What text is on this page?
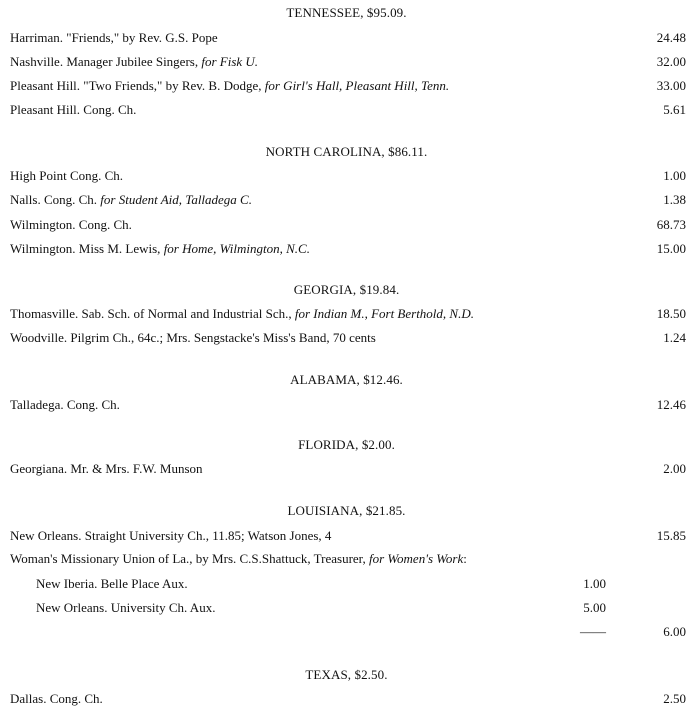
TENNESSEE, $95.09.
Harriman. "Friends," by Rev. G.S. Pope	24.48
Nashville. Manager Jubilee Singers, for Fisk U.	32.00
Pleasant Hill. "Two Friends," by Rev. B. Dodge, for Girl's Hall, Pleasant Hill, Tenn.	33.00
Pleasant Hill. Cong. Ch.	5.61
NORTH CAROLINA, $86.11.
High Point Cong. Ch.	1.00
Nalls. Cong. Ch. for Student Aid, Talladega C.	1.38
Wilmington. Cong. Ch.	68.73
Wilmington. Miss M. Lewis, for Home, Wilmington, N.C.	15.00
GEORGIA, $19.84.
Thomasville. Sab. Sch. of Normal and Industrial Sch., for Indian M., Fort Berthold, N.D.	18.50
Woodville. Pilgrim Ch., 64c.; Mrs. Sengstacke's Miss's Band, 70 cents	1.24
ALABAMA, $12.46.
Talladega. Cong. Ch.	12.46
FLORIDA, $2.00.
Georgiana. Mr. & Mrs. F.W. Munson	2.00
LOUISIANA, $21.85.
New Orleans. Straight University Ch., 11.85; Watson Jones, 4	15.85
Woman's Missionary Union of La., by Mrs. C.S.Shattuck, Treasurer, for Women's Work:
New Iberia. Belle Place Aux.	1.00
New Orleans. University Ch. Aux.	5.00
——	6.00
TEXAS, $2.50.
Dallas. Cong. Ch.	2.50
